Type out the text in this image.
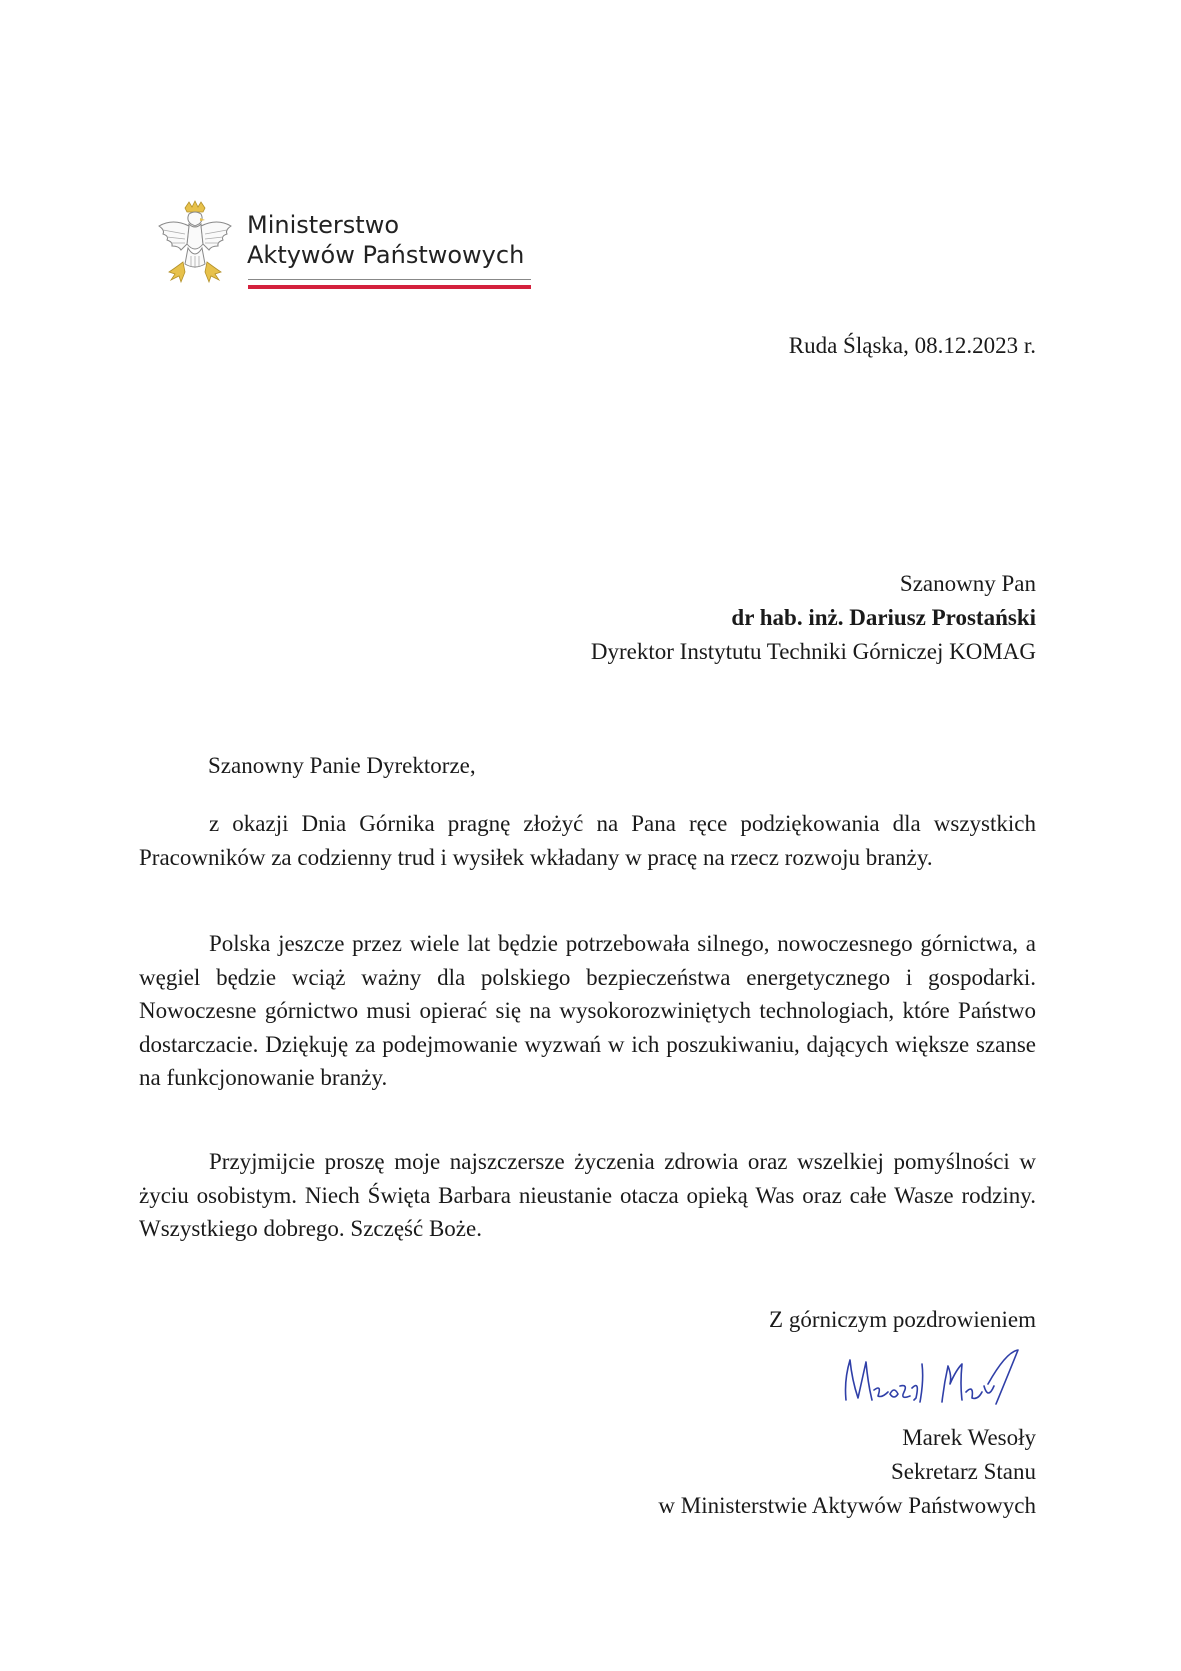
Ministerstwo
Aktywów Państwowych
Ruda Śląska, 08.12.2023 r.
Szanowny Pan
dr hab. inż. Dariusz Prostański
Dyrektor Instytutu Techniki Górniczej KOMAG
Szanowny Panie Dyrektorze,

z okazji Dnia Górnika pragnę złożyć na Pana ręce podziękowania dla wszystkich Pracowników za codzienny trud i wysiłek wkładany w pracę na rzecz rozwoju branży.

Polska jeszcze przez wiele lat będzie potrzebowała silnego, nowoczesnego górnictwa, a węgiel będzie wciąż ważny dla polskiego bezpieczeństwa energetycznego i gospodarki. Nowoczesne górnictwo musi opierać się na wysokorozwiniętych technologiach, które Państwo dostarczacie. Dziękuję za podejmowanie wyzwań w ich poszukiwaniu, dających większe szanse na funkcjonowanie branży.

Przyjmijcie proszę moje najszczersze życzenia zdrowia oraz wszelkiej pomyślności w życiu osobistym. Niech Święta Barbara nieustanie otacza opieką Was oraz całe Wasze rodziny. Wszystkiego dobrego. Szczęść Boże.

Z górniczym pozdrowieniem
Marek Wesoły
Sekretarz Stanu
w Ministerstwie Aktywów Państwowych
